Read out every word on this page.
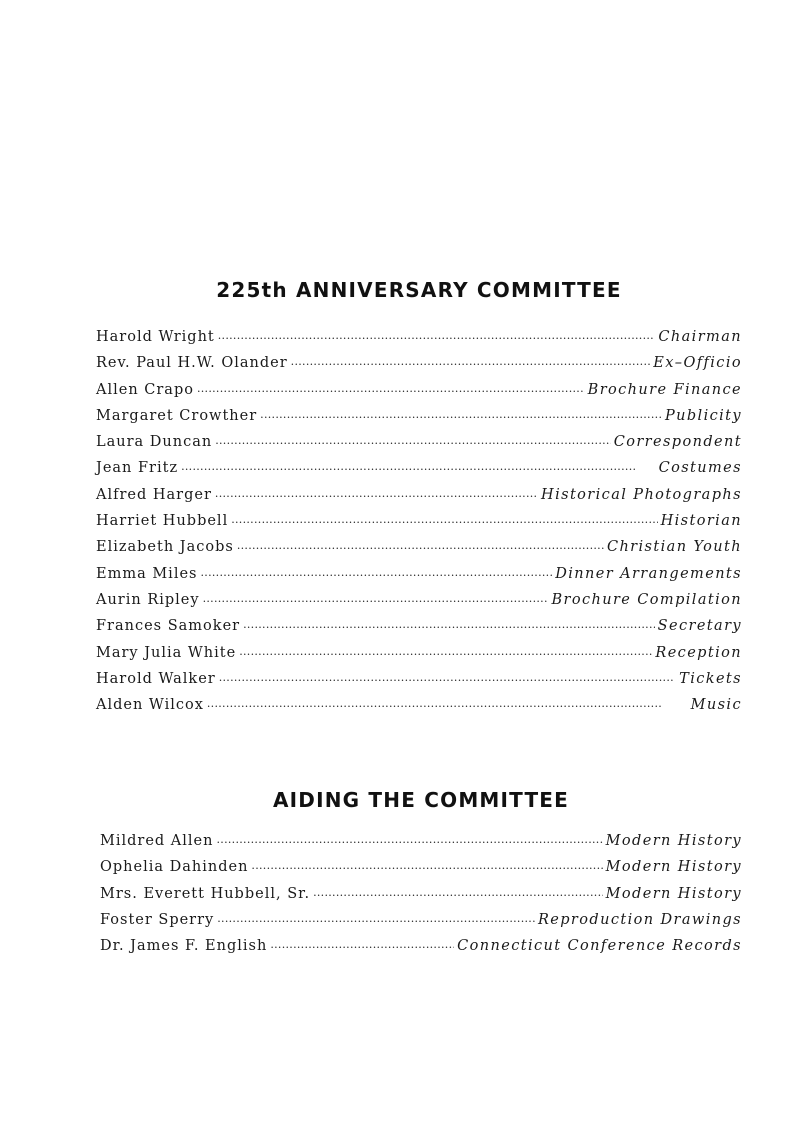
225th ANNIVERSARY COMMITTEE
Harold Wright . . .	Chairman
Rev. Paul H.W. Olander . . .	Ex–Officio
Allen Crapo . . .	Brochure Finance
Margaret Crowther . . .	Publicity
Laura Duncan . . .	Correspondent
Jean Fritz . . .	Costumes
Alfred Harger . . .	Historical Photographs
Harriet Hubbell . . .	Historian
Elizabeth Jacobs . . .	Christian Youth
Emma Miles . . .	Dinner Arrangements
Aurin Ripley . . .	Brochure Compilation
Frances Samoker . . .	Secretary
Mary Julia White . . .	Reception
Harold Walker . . .	Tickets
Alden Wilcox . . .	Music
AIDING THE COMMITTEE
Mildred Allen . . .	Modern History
Ophelia Dahinden . . .	Modern History
Mrs. Everett Hubbell, Sr. . . .	Modern History
Foster Sperry . . .	Reproduction Drawings
Dr. James F. English . . .	Connecticut Conference Records
